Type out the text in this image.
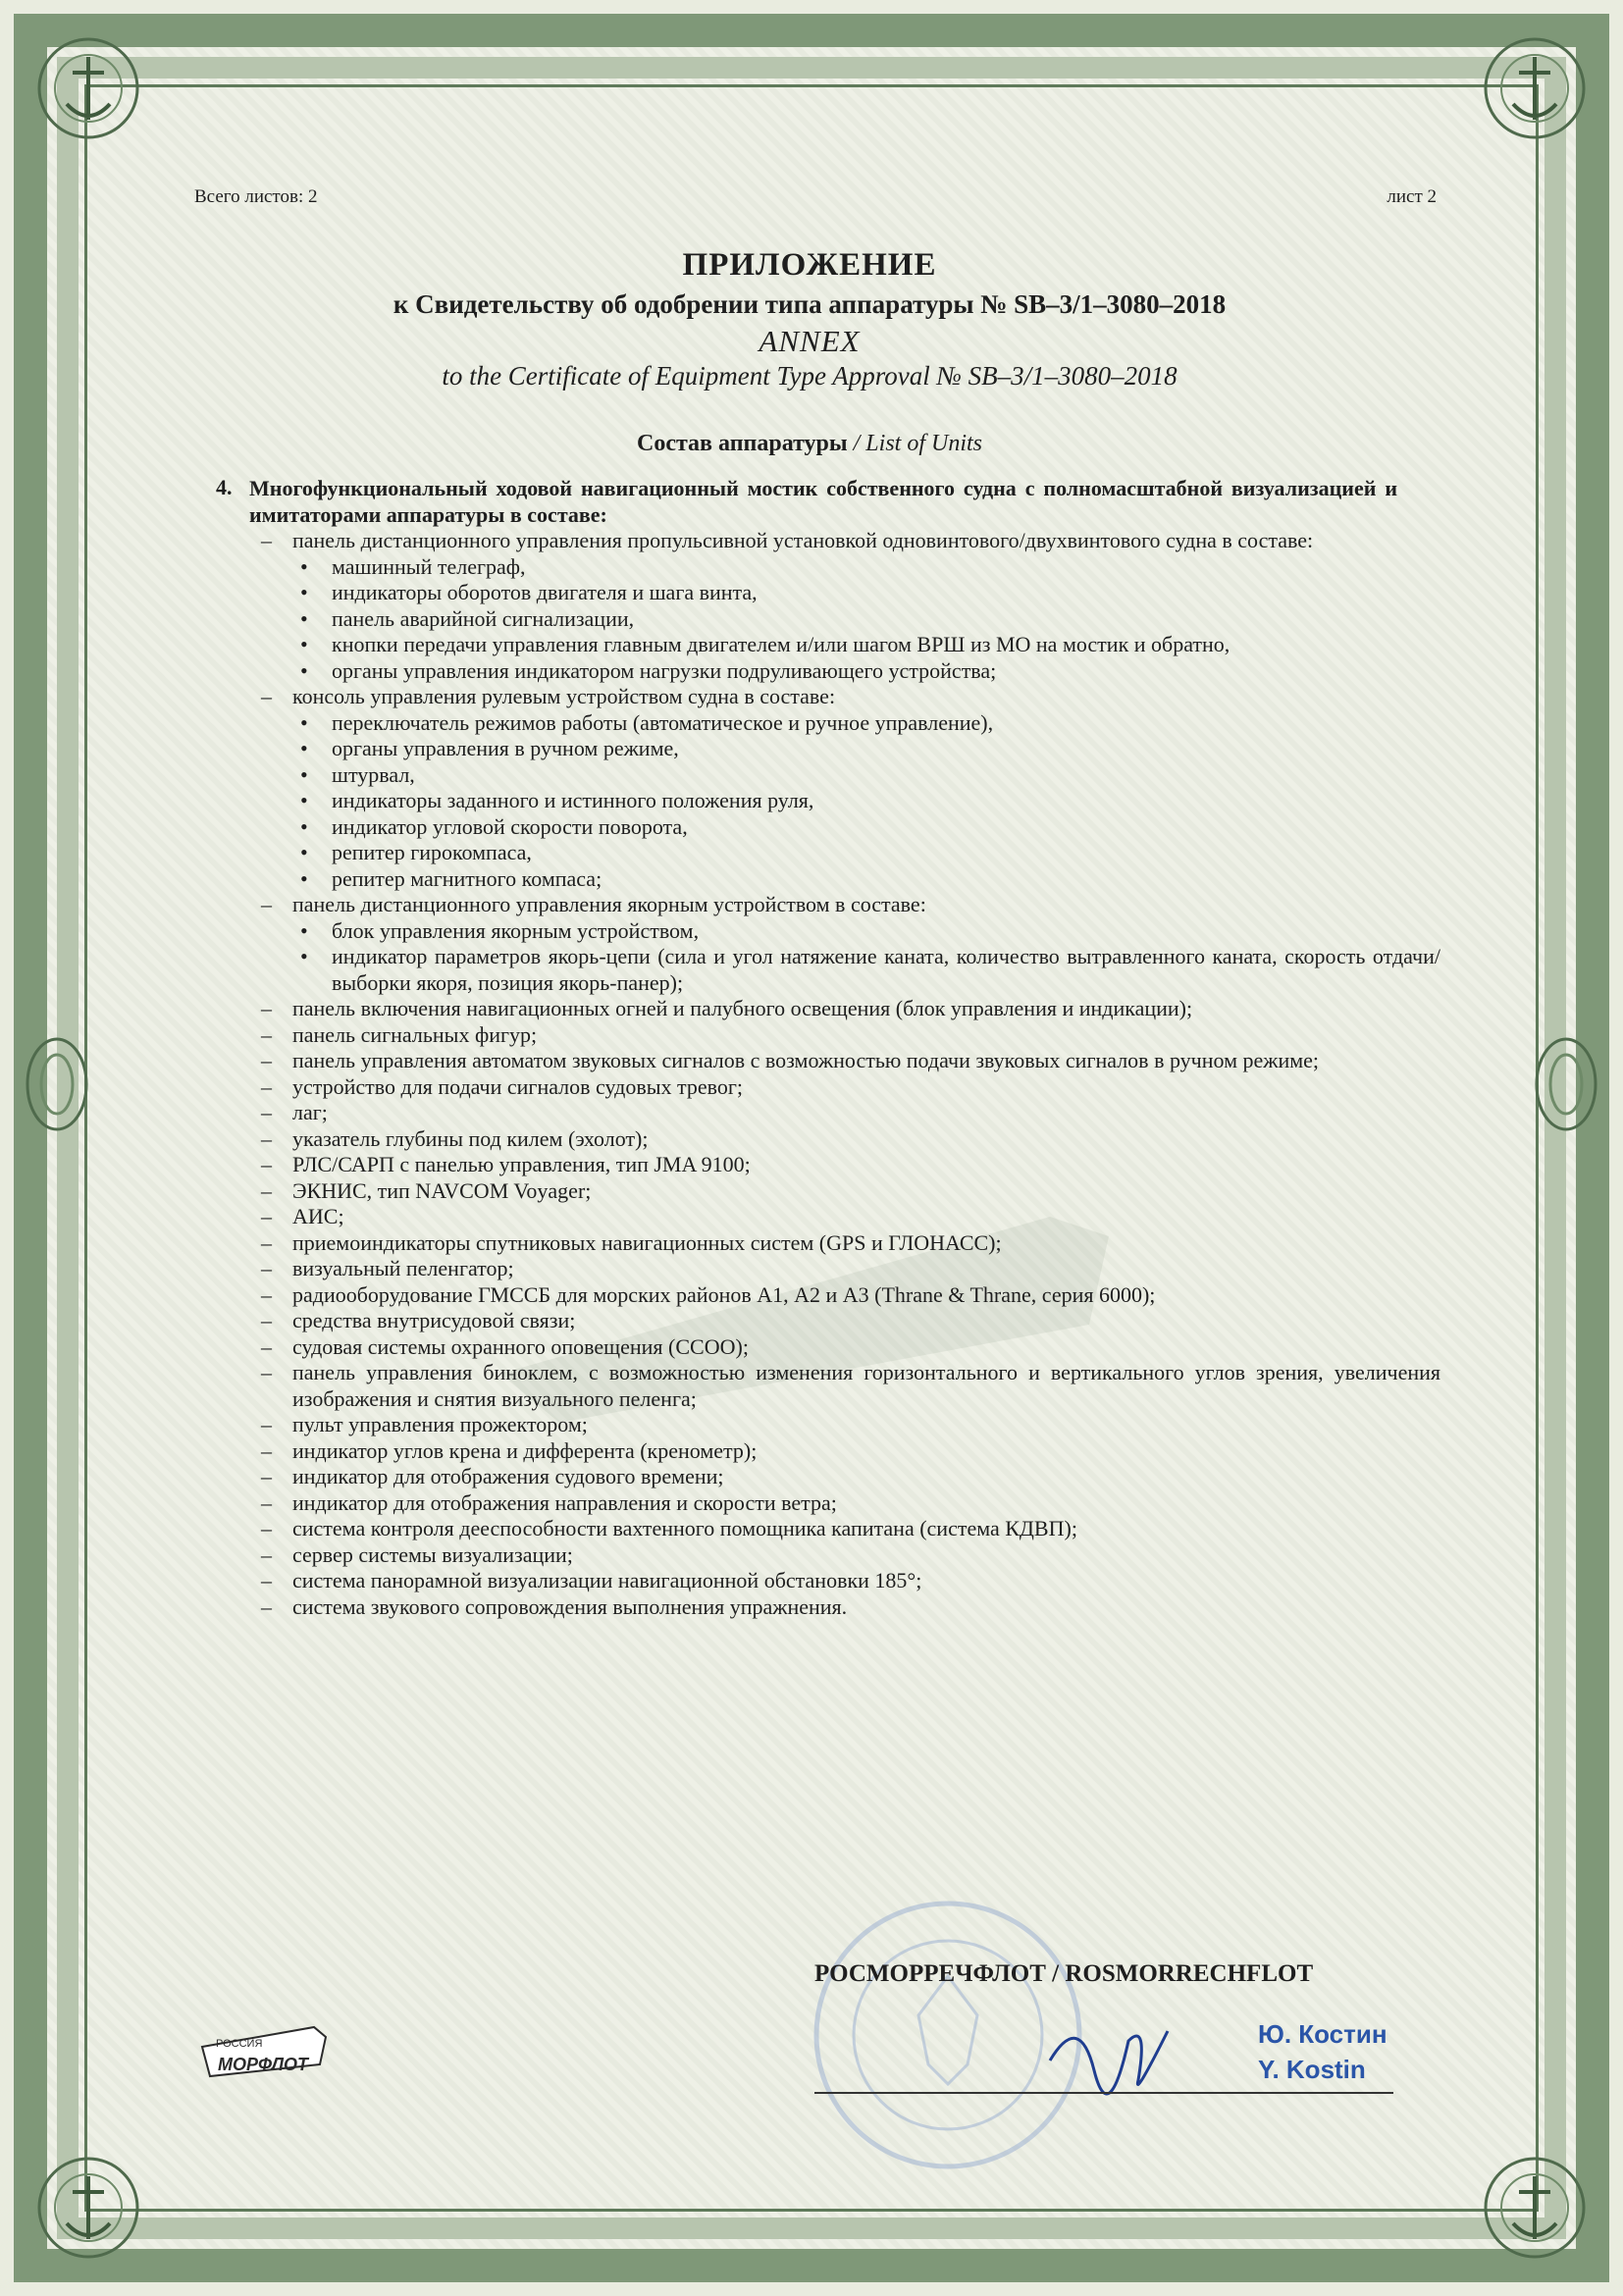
Всего листов: 2	лист 2
ПРИЛОЖЕНИЕ
к Свидетельству об одобрении типа аппаратуры № SB–3/1–3080–2018
ANNEX
to the Certificate of Equipment Type Approval № SB–3/1–3080–2018
Состав аппаратуры / List of Units
4. Многофункциональный ходовой навигационный мостик собственного судна с полномасштабной визуализацией и имитаторами аппаратуры в составе:
– панель дистанционного управления пропульсивной установкой одновинтового/двухвинтового судна в составе:
• машинный телеграф,
• индикаторы оборотов двигателя и шага винта,
• панель аварийной сигнализации,
• кнопки передачи управления главным двигателем и/или шагом ВРШ из МО на мостик и обратно,
• органы управления индикатором нагрузки подруливающего устройства;
– консоль управления рулевым устройством судна в составе:
• переключатель режимов работы (автоматическое и ручное управление),
• органы управления в ручном режиме,
• штурвал,
• индикаторы заданного и истинного положения руля,
• индикатор угловой скорости поворота,
• репитер гирокомпаса,
• репитер магнитного компаса;
– панель дистанционного управления якорным устройством в составе:
• блок управления якорным устройством,
• индикатор параметров якорь-цепи (сила и угол натяжение каната, количество вытравленного каната, скорость отдачи/выборки якоря, позиция якорь-панер);
– панель включения навигационных огней и палубного освещения (блок управления и индикации);
– панель сигнальных фигур;
– панель управления автоматом звуковых сигналов с возможностью подачи звуковых сигналов в ручном режиме;
– устройство для подачи сигналов судовых тревог;
– лаг;
– указатель глубины под килем (эхолот);
– РЛС/САРП с панелью управления, тип JMA 9100;
– ЭКНИС, тип NAVCOM Voyager;
– АИС;
– приемоиндикаторы спутниковых навигационных систем (GPS и ГЛОНАСС);
– визуальный пеленгатор;
– радиооборудование ГМССБ для морских районов А1, А2 и А3 (Thrane & Thrane, серия 6000);
– средства внутрисудовой связи;
– судовая системы охранного оповещения (ССОО);
– панель управления биноклем, с возможностью изменения горизонтального и вертикального углов зрения, увеличения изображения и снятия визуального пеленга;
– пульт управления прожектором;
– индикатор углов крена и дифферента (кренометр);
– индикатор для отображения судового времени;
– индикатор для отображения направления и скорости ветра;
– система контроля дееспособности вахтенного помощника капитана (система КДВП);
– сервер системы визуализации;
– система панорамной визуализации навигационной обстановки 185°;
– система звукового сопровождения выполнения упражнения.
РОСМОРРЕЧФЛОТ / ROSMORRECHFLOT
Ю. Костин
Y. Kostin
РОССИЯ
МОРФЛОТ
